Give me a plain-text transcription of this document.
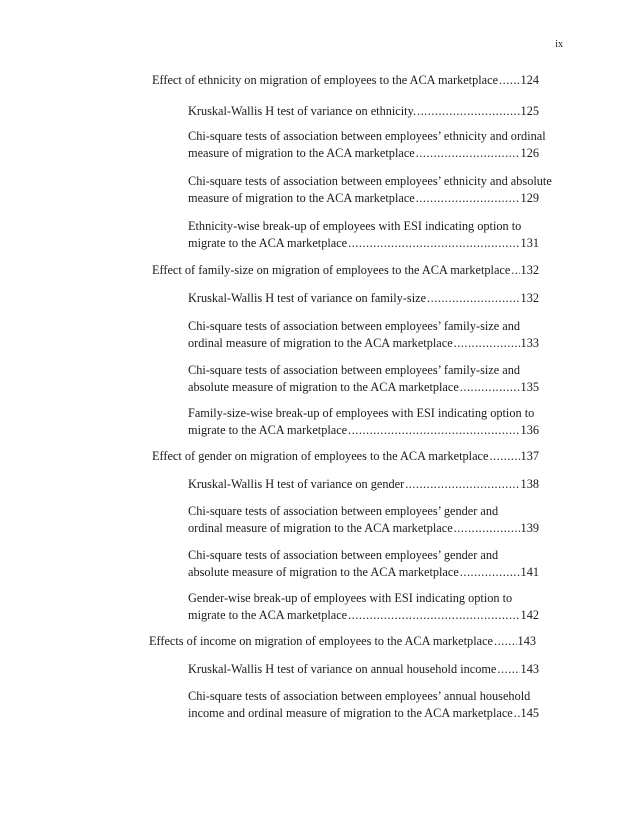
ix
Effect of ethnicity on migration of employees to the ACA marketplace ..... 124
Kruskal-Wallis H test of variance on ethnicity. .....	125
Chi-square tests of association between employees’ ethnicity and ordinal
measure of migration to the ACA marketplace .....	126
Chi-square tests of association between employees’ ethnicity and absolute
measure of migration to the ACA marketplace .....	129
Ethnicity-wise break-up of employees with ESI indicating option to
migrate to the ACA marketplace .....	131
Effect of family-size on migration of employees to the ACA marketplace ..... 132
Kruskal-Wallis H test of variance on family-size .....	132
Chi-square tests of association between employees’ family-size and
ordinal measure of migration to the ACA marketplace .....	133
Chi-square tests of association between employees’ family-size and
absolute measure of migration to the ACA marketplace .....	135
Family-size-wise break-up of employees with ESI indicating option to
migrate to the ACA marketplace .....	136
Effect of gender on migration of employees to the ACA marketplace .....	137
Kruskal-Wallis H test of variance on gender .....	138
Chi-square tests of association between employees’ gender and
ordinal measure of migration to the ACA marketplace .....	139
Chi-square tests of association between employees’ gender and
absolute measure of migration to the ACA marketplace .....	141
Gender-wise break-up of employees with ESI indicating option to
migrate to the ACA marketplace .....	142
Effects of income on migration of employees to the ACA marketplace ..... 143
Kruskal-Wallis H test of variance on annual household income ..... 143
Chi-square tests of association between employees’ annual household
income and ordinal measure of migration to the ACA marketplace ..... 145
